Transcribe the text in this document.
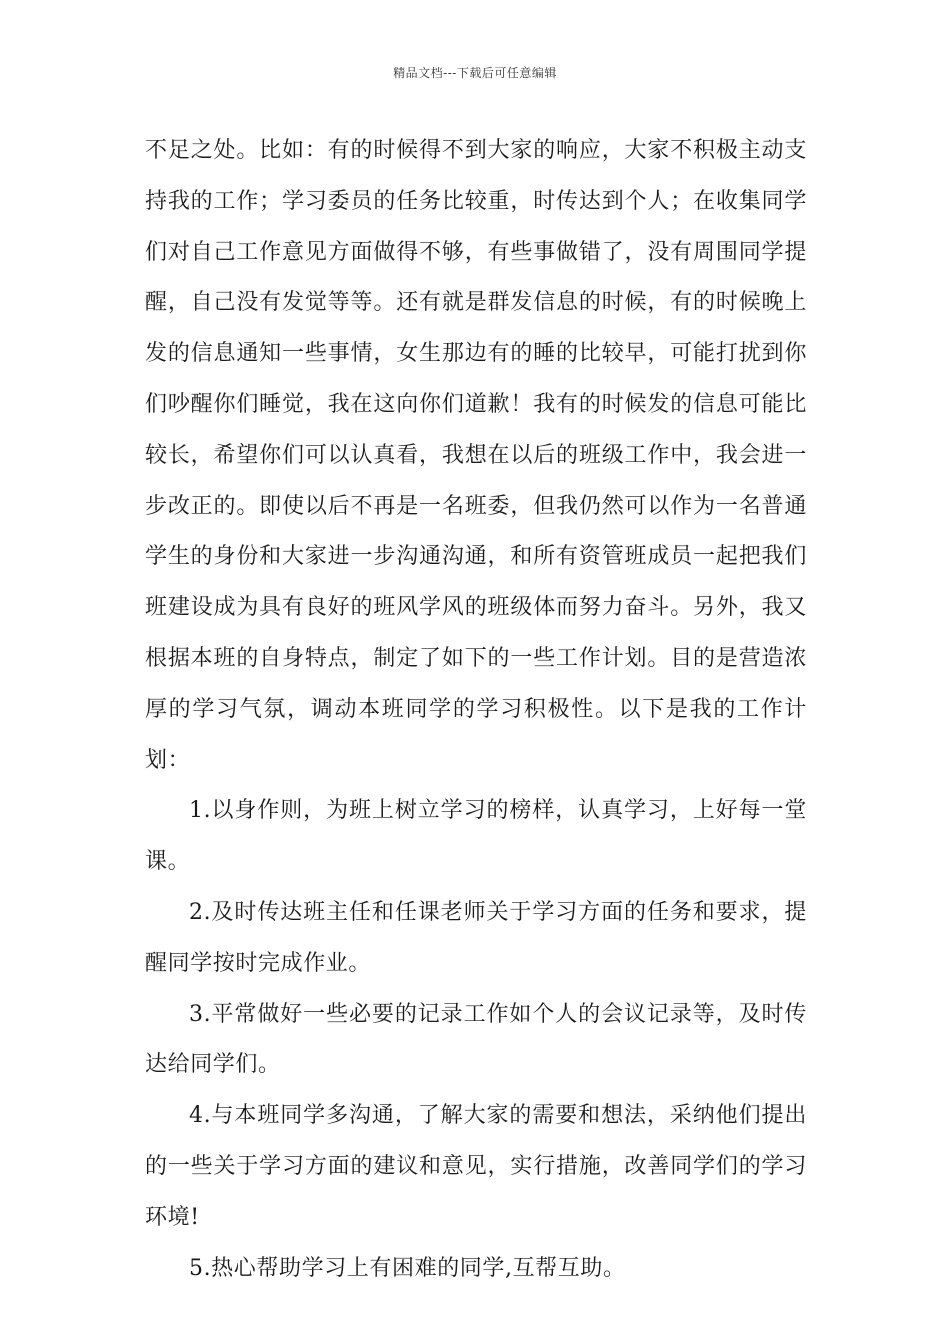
精品文档---下载后可任意编辑

不足之处。比如：有的时候得不到大家的响应，大家不积极主动支持我的工作；学习委员的任务比较重，时传达到个人；在收集同学们对自己工作意见方面做得不够，有些事做错了，没有周围同学提醒，自己没有发觉等等。还有就是群发信息的时候，有的时候晚上发的信息通知一些事情，女生那边有的睡的比较早，可能打扰到你们吵醒你们睡觉，我在这向你们道歉！我有的时候发的信息可能比较长，希望你们可以认真看，我想在以后的班级工作中，我会进一步改正的。即使以后不再是一名班委，但我仍然可以作为一名普通学生的身份和大家进一步沟通沟通，和所有资管班成员一起把我们班建设成为具有良好的班风学风的班级体而努力奋斗。另外，我又根据本班的自身特点，制定了如下的一些工作计划。目的是营造浓厚的学习气氛，调动本班同学的学习积极性。以下是我的工作计划：

1.以身作则，为班上树立学习的榜样，认真学习，上好每一堂课。

2.及时传达班主任和任课老师关于学习方面的任务和要求，提醒同学按时完成作业。

3.平常做好一些必要的记录工作如个人的会议记录等，及时传达给同学们。

4.与本班同学多沟通，了解大家的需要和想法，采纳他们提出的一些关于学习方面的建议和意见，实行措施，改善同学们的学习环境!

5.热心帮助学习上有困难的同学,互帮互助。
